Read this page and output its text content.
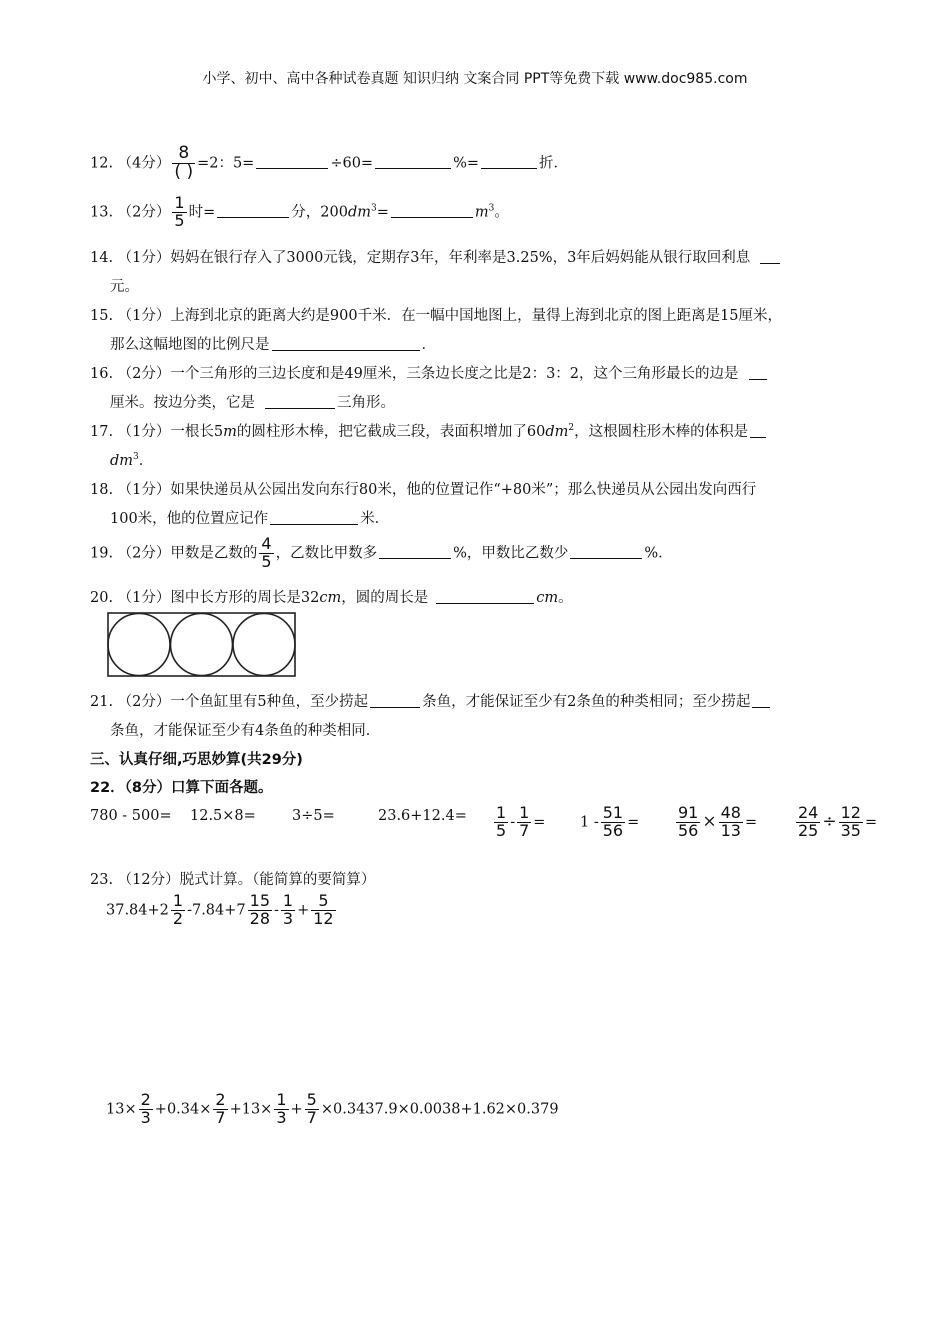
小学、初中、高中各种试卷真题 知识归纳 文案合同 PPT等免费下载 www.doc985.com
12. （4分） $\frac{8}{( )} =2$：5=	÷60=	%=	折．
13. （2分） $\frac{1}{5}$ 时=	分，$200dm^3=$	$m^3$。
14. （1分）妈妈在银行存入了3000元钱，定期存3年，年利率是3.25%，3年后妈妈能从银行取回利息
元。
15. （1分）上海到北京的距离大约是900千米．在一幅中国地图上，量得上海到北京的图上距离是15厘米，
那么这幅地图的比例尺是	．
16. （2分）一个三角形的三边长度和是49厘米，三条边长度之比是2：3：2，这个三角形最长的边是
厘米。按边分类，它是	三角形。
17. （1分）一根长5m的圆柱形木棒，把它截成三段，表面积增加了$60dm^2$，这根圆柱形木棒的体积是
$dm^3$．
18. （1分）如果快递员从公园出发向东行80米，他的位置记作“+80米”；那么快递员从公园出发向西行
100米，他的位置应记作	米．
19. （2分）甲数是乙数的 $\frac{4}{5}$ ，乙数比甲数多	%，甲数比乙数少	%．
20. （1分）图中长方形的周长是32cm，圆的周长是	cm。
21. （2分）一个鱼缸里有5种鱼，至少捞起	条鱼，才能保证至少有2条鱼的种类相同；至少捞起
条鱼，才能保证至少有4条鱼的种类相同．
三、认真仔细,巧思妙算(共29分)
22．（8分）口算下面各题。
780 - 500= 12.5×8= 3÷5=	$23.6+12.4= \frac{1}{5} - \frac{1}{7} = 1 - \frac{51}{56} = \frac{91}{56} \times \frac{48}{13} = \frac{24}{25} \div \frac{12}{35}$ =
23. （12分）脱式计算。（能简算的要简算）
$37.84+2 \frac{1}{2} -7.84+7 \frac{15}{28} - \frac{1}{3} + \frac{5}{12}$
$13\times \frac{2}{3} +0.34\times \frac{2}{7} +13\times \frac{1}{3} + \frac{5}{7} \times 0.3437.9\times 0.0038+1.62\times 0.379$
